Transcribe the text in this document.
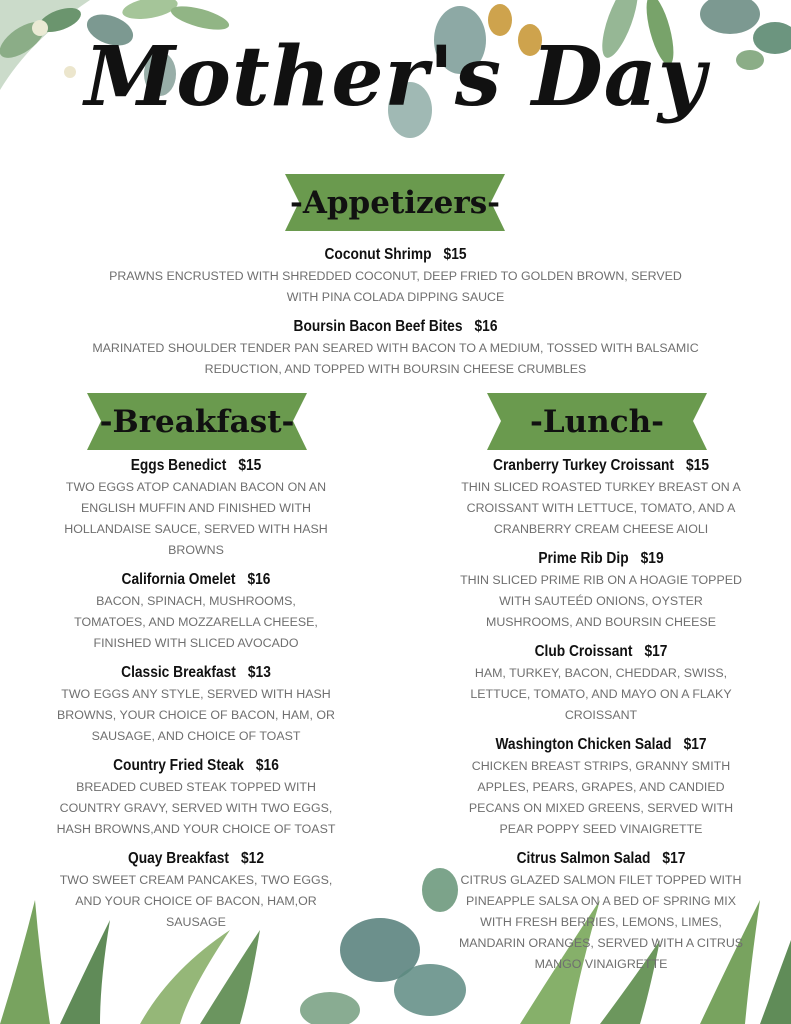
Mother's Day
-Appetizers-
Coconut Shrimp $15
PRAWNS ENCRUSTED WITH SHREDDED COCONUT, DEEP FRIED TO GOLDEN BROWN, SERVED WITH PINA COLADA DIPPING SAUCE
Boursin Bacon Beef Bites $16
MARINATED SHOULDER TENDER PAN SEARED WITH BACON TO A MEDIUM, TOSSED WITH BALSAMIC REDUCTION, AND TOPPED WITH BOURSIN CHEESE CRUMBLES
-Breakfast-	-Lunch-
Eggs Benedict $15
TWO EGGS ATOP CANADIAN BACON ON AN ENGLISH MUFFIN AND FINISHED WITH HOLLANDAISE SAUCE, SERVED WITH HASH BROWNS
California Omelet $16
BACON, SPINACH, MUSHROOMS, TOMATOES, AND MOZZARELLA CHEESE, FINISHED WITH SLICED AVOCADO
Classic Breakfast $13
TWO EGGS ANY STYLE, SERVED WITH HASH BROWNS, YOUR CHOICE OF BACON, HAM, OR SAUSAGE, AND CHOICE OF TOAST
Country Fried Steak $16
BREADED CUBED STEAK TOPPED WITH COUNTRY GRAVY, SERVED WITH TWO EGGS, HASH BROWNS,AND YOUR CHOICE OF TOAST
Quay Breakfast $12
TWO SWEET CREAM PANCAKES, TWO EGGS, AND YOUR CHOICE OF BACON, HAM,OR SAUSAGE
Cranberry Turkey Croissant $15
THIN SLICED ROASTED TURKEY BREAST ON A CROISSANT WITH LETTUCE, TOMATO, AND A CRANBERRY CREAM CHEESE AIOLI
Prime Rib Dip $19
THIN SLICED PRIME RIB ON A HOAGIE TOPPED WITH SAUTEÉD ONIONS, OYSTER MUSHROOMS, AND BOURSIN CHEESE
Club Croissant $17
HAM, TURKEY, BACON, CHEDDAR, SWISS, LETTUCE, TOMATO, AND MAYO ON A FLAKY CROISSANT
Washington Chicken Salad $17
CHICKEN BREAST STRIPS, GRANNY SMITH APPLES, PEARS, GRAPES, AND CANDIED PECANS ON MIXED GREENS, SERVED WITH PEAR POPPY SEED VINAIGRETTE
Citrus Salmon Salad $17
CITRUS GLAZED SALMON FILET TOPPED WITH PINEAPPLE SALSA ON A BED OF SPRING MIX WITH FRESH BERRIES, LEMONS, LIMES, MANDARIN ORANGES, SERVED WITH A CITRUS MANGO VINAIGRETTE
